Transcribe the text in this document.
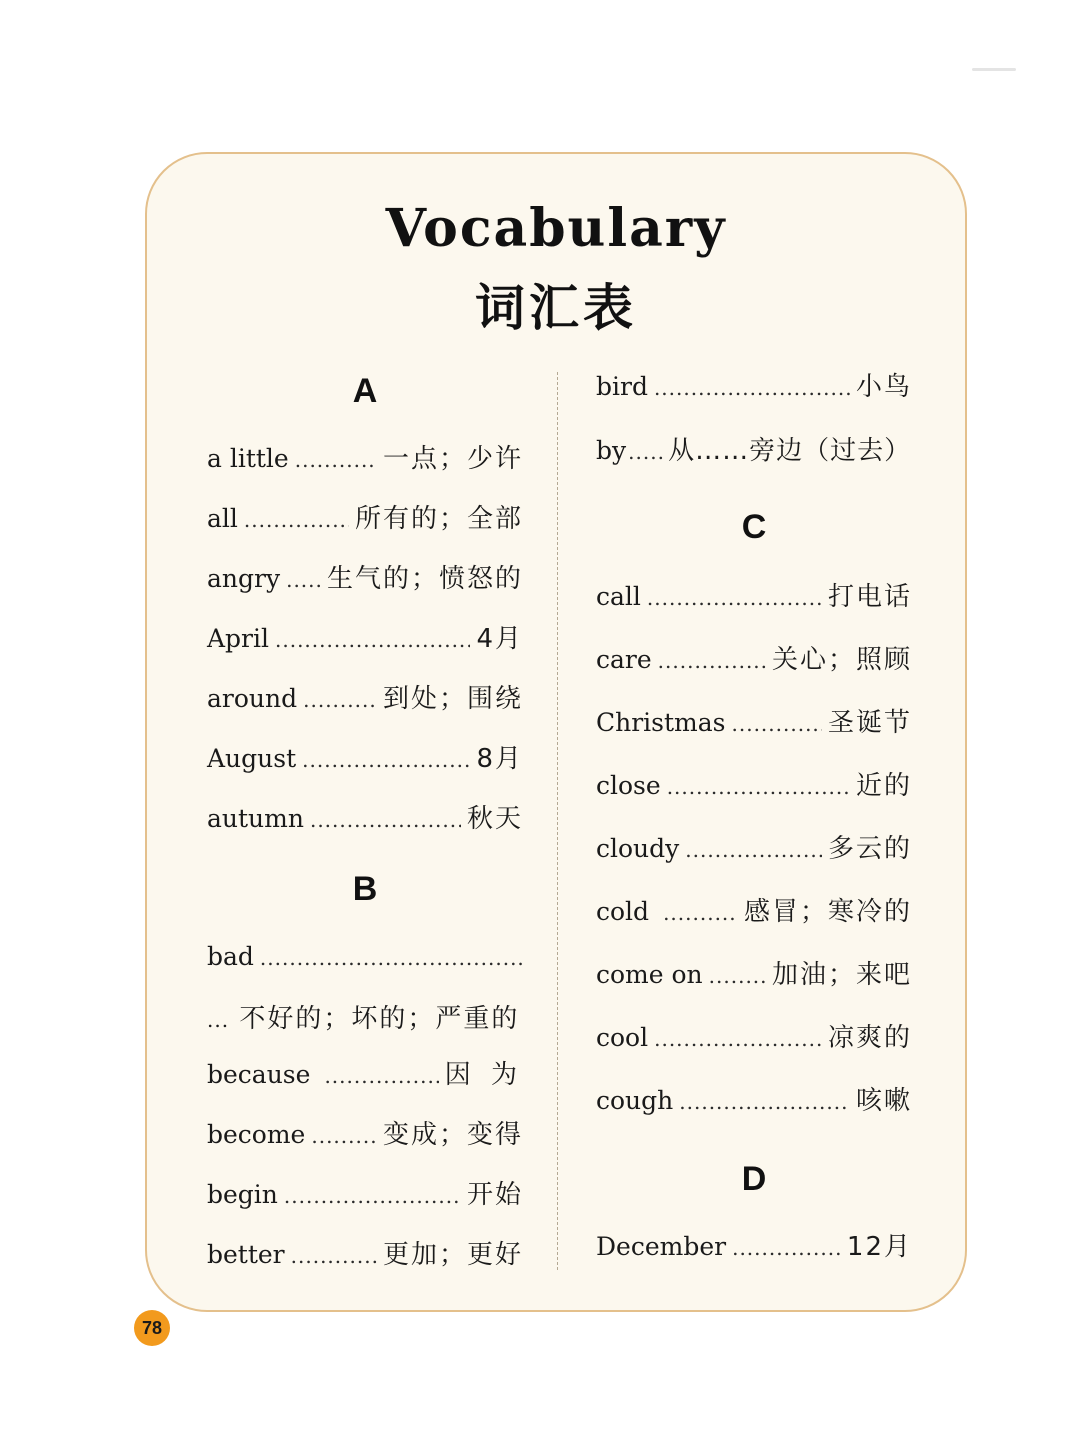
Vocabulary
词汇表
A
a little .....	一点；少许
all .....	所有的；全部
angry ..... 生气的；愤怒的
April .....	4月
around .....	到处；围绕
August .....	8月
autumn .....	秋天
B
bad
.....
... 不好的；坏的；严重的
because .....	因 为
become .....	变成；变得
begin .....	开始
better .....	更加；更好
bird .....	小鸟
by ..... 从……旁边（过去）
C
call .....	打电话
care .....	关心；照顾
Christmas .....	圣诞节
close .....	近的
cloudy .....	多云的
cold .....	感冒；寒冷的
come on .....	加油；来吧
cool .....	凉爽的
cough .....	咳嗽
D
December .....	12月
78
